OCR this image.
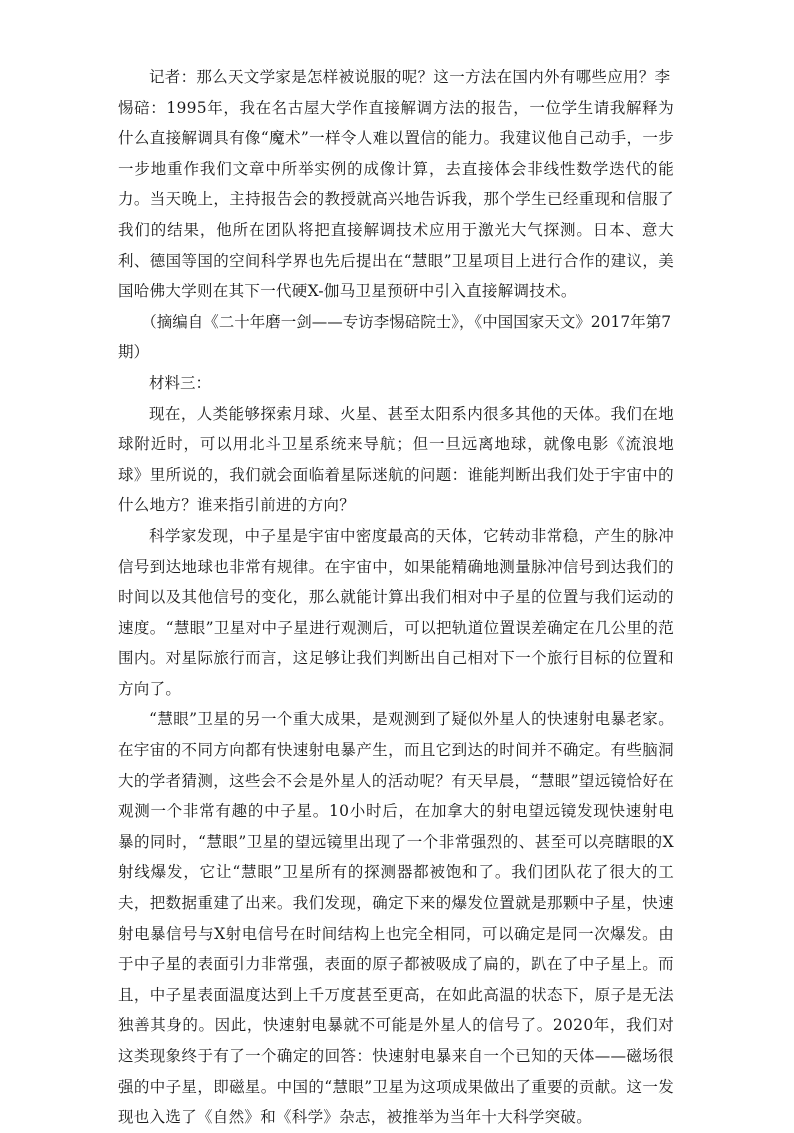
记者：那么天文学家是怎样被说服的呢？这一方法在国内外有哪些应用？李

惕碚：1995年，我在名古屋大学作直接解调方法的报告，一位学生请我解释为什么直接解调具有像“魔术”一样令人难以置信的能力。我建议他自己动手，一步一步地重作我们文章中所举实例的成像计算，去直接体会非线性数学迭代的能力。当天晚上，主持报告会的教授就高兴地告诉我，那个学生已经重现和信服了我们的结果，他所在团队将把直接解调技术应用于激光大气探测。日本、意大利、德国等国的空间科学界也先后提出在“慧眼”卫星项目上进行合作的建议，美国哈佛大学则在其下一代硬X-伽马卫星预研中引入直接解调技术。

（摘编自《二十年磨一剑——专访李惕碚院士》，《中国国家天文》2017年第7期）

材料三：

现在，人类能够探索月球、火星、甚至太阳系内很多其他的天体。我们在地球附近时，可以用北斗卫星系统来导航；但一旦远离地球，就像电影《流浪地球》里所说的，我们就会面临着星际迷航的问题：谁能判断出我们处于宇宙中的什么地方？谁来指引前进的方向？

科学家发现，中子星是宇宙中密度最高的天体，它转动非常稳，产生的脉冲信号到达地球也非常有规律。在宇宙中，如果能精确地测量脉冲信号到达我们的时间以及其他信号的变化，那么就能计算出我们相对中子星的位置与我们运动的速度。“慧眼”卫星对中子星进行观测后，可以把轨道位置误差确定在几公里的范围内。对星际旅行而言，这足够让我们判断出自己相对下一个旅行目标的位置和方向了。

“慧眼”卫星的另一个重大成果，是观测到了疑似外星人的快速射电暴老家。在宇宙的不同方向都有快速射电暴产生，而且它到达的时间并不确定。有些脑洞大的学者猜测，这些会不会是外星人的活动呢？有天早晨，“慧眼”望远镜恰好在观测一个非常有趣的中子星。10小时后，在加拿大的射电望远镜发现快速射电暴的同时，“慧眼”卫星的望远镜里出现了一个非常强烈的、甚至可以亮瞎眼的X射线爆发，它让“慧眼”卫星所有的探测器都被饱和了。我们团队花了很大的工夫，把数据重建了出来。我们发现，确定下来的爆发位置就是那颗中子星，快速射电暴信号与X射电信号在时间结构上也完全相同，可以确定是同一次爆发。由于中子星的表面引力非常强，表面的原子都被吸成了扁的，趴在了中子星上。而且，中子星表面温度达到上千万度甚至更高，在如此高温的状态下，原子是无法独善其身的。因此，快速射电暴就不可能是外星人的信号了。2020年，我们对这类现象终于有了一个确定的回答：快速射电暴来自一个已知的天体——磁场很强的中子星，即磁星。中国的“慧眼”卫星为这项成果做出了重要的贡献。这一发现也入选了《自然》和《科学》杂志，被推举为当年十大科学突破。
